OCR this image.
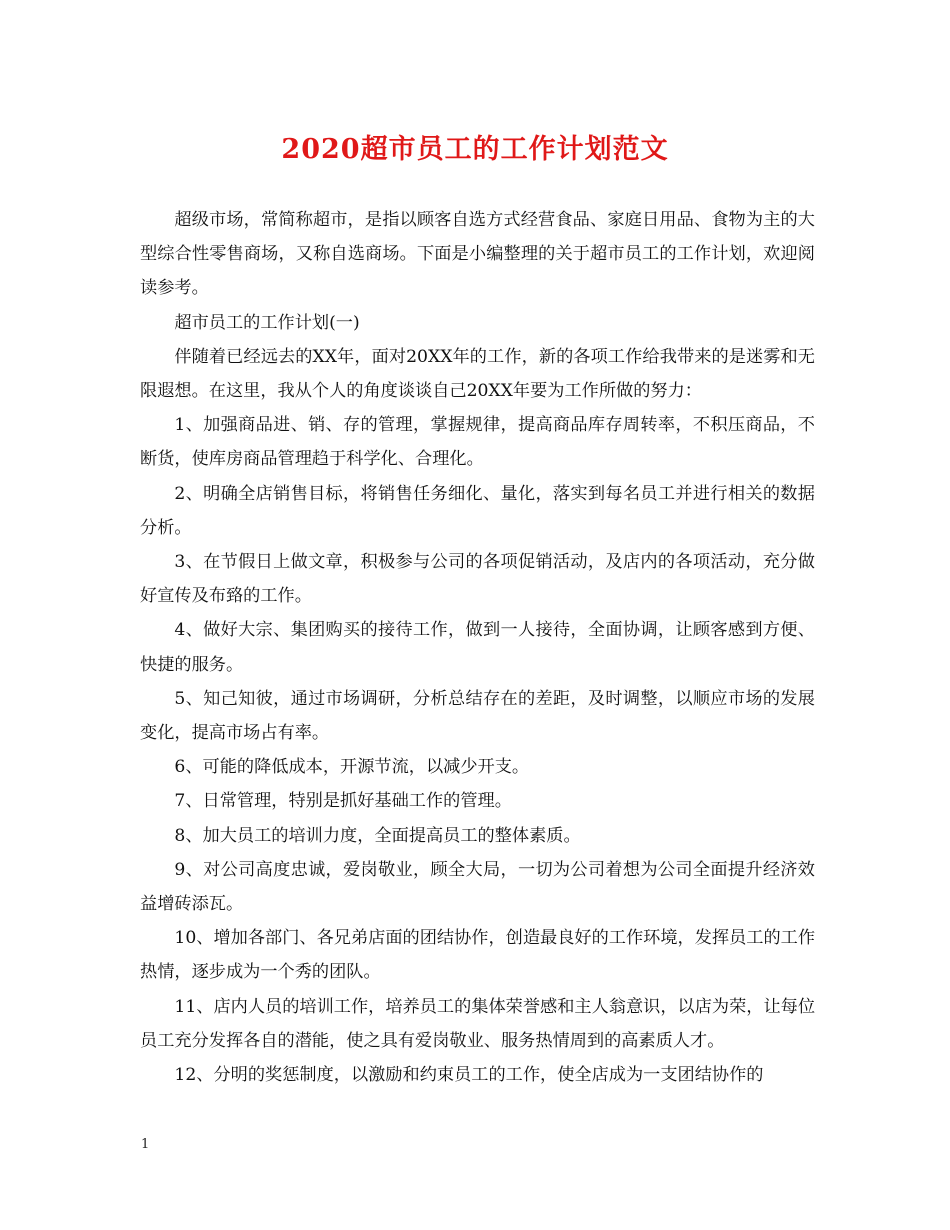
2020超市员工的工作计划范文

超级市场，常简称超市，是指以顾客自选方式经营食品、家庭日用品、食物为主的大型综合性零售商场，又称自选商场。下面是小编整理的关于超市员工的工作计划，欢迎阅读参考。

超市员工的工作计划(一)

伴随着已经远去的XX年，面对20XX年的工作，新的各项工作给我带来的是迷雾和无限遐想。在这里，我从个人的角度谈谈自己20XX年要为工作所做的努力：

1、加强商品进、销、存的管理，掌握规律，提高商品库存周转率，不积压商品，不断货，使库房商品管理趋于科学化、合理化。

2、明确全店销售目标，将销售任务细化、量化，落实到每名员工并进行相关的数据分析。

3、在节假日上做文章，积极参与公司的各项促销活动，及店内的各项活动，充分做好宣传及布臵的工作。

4、做好大宗、集团购买的接待工作，做到一人接待，全面协调，让顾客感到方便、快捷的服务。

5、知己知彼，通过市场调研，分析总结存在的差距，及时调整，以顺应市场的发展变化，提高市场占有率。

6、可能的降低成本，开源节流，以减少开支。

7、日常管理，特别是抓好基础工作的管理。

8、加大员工的培训力度，全面提高员工的整体素质。

9、对公司高度忠诚，爱岗敬业，顾全大局，一切为公司着想为公司全面提升经济效益增砖添瓦。

10、增加各部门、各兄弟店面的团结协作，创造最良好的工作环境，发挥员工的工作热情，逐步成为一个秀的团队。

11、店内人员的培训工作，培养员工的集体荣誉感和主人翁意识，以店为荣，让每位员工充分发挥各自的潜能，使之具有爱岗敬业、服务热情周到的高素质人才。

12、分明的奖惩制度，以激励和约束员工的工作，使全店成为一支团结协作的

1
